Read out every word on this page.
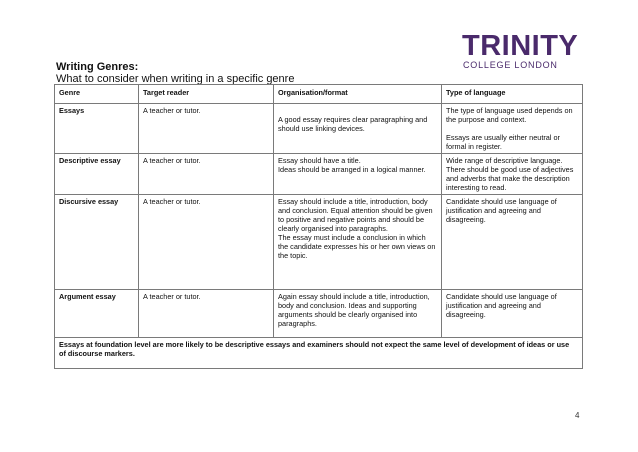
TRINITY
COLLEGE LONDON
Writing Genres:
What to consider when writing in a specific genre
Genre	Target reader	Organisation/format	Type of language
Essays	A teacher or tutor.	A good essay requires clear paragraphing and should use linking devices.	The type of language used depends on the purpose and context.
Essays are usually either neutral or formal in register.

Descriptive essay	A teacher or tutor.	Essay should have a title.
Ideas should be arranged in a logical manner.	Wide range of descriptive language. There should be good use of adjectives and adverbs that make the description interesting to read.

Discursive essay	A teacher or tutor.	Essay should include a title, introduction, body and conclusion. Equal attention should be given to positive and negative points and should be clearly organised into paragraphs.
The essay must include a conclusion in which the candidate expresses his or her own views on the topic.	Candidate should use language of justification and agreeing and disagreeing.

Argument essay	A teacher or tutor.	Again essay should include a title, introduction, body and conclusion. Ideas and supporting arguments should be clearly organised into paragraphs.	Candidate should use language of justification and agreeing and disagreeing.

Essays at foundation level are more likely to be descriptive essays and examiners should not expect the same level of development of ideas or use of discourse markers.			
4
